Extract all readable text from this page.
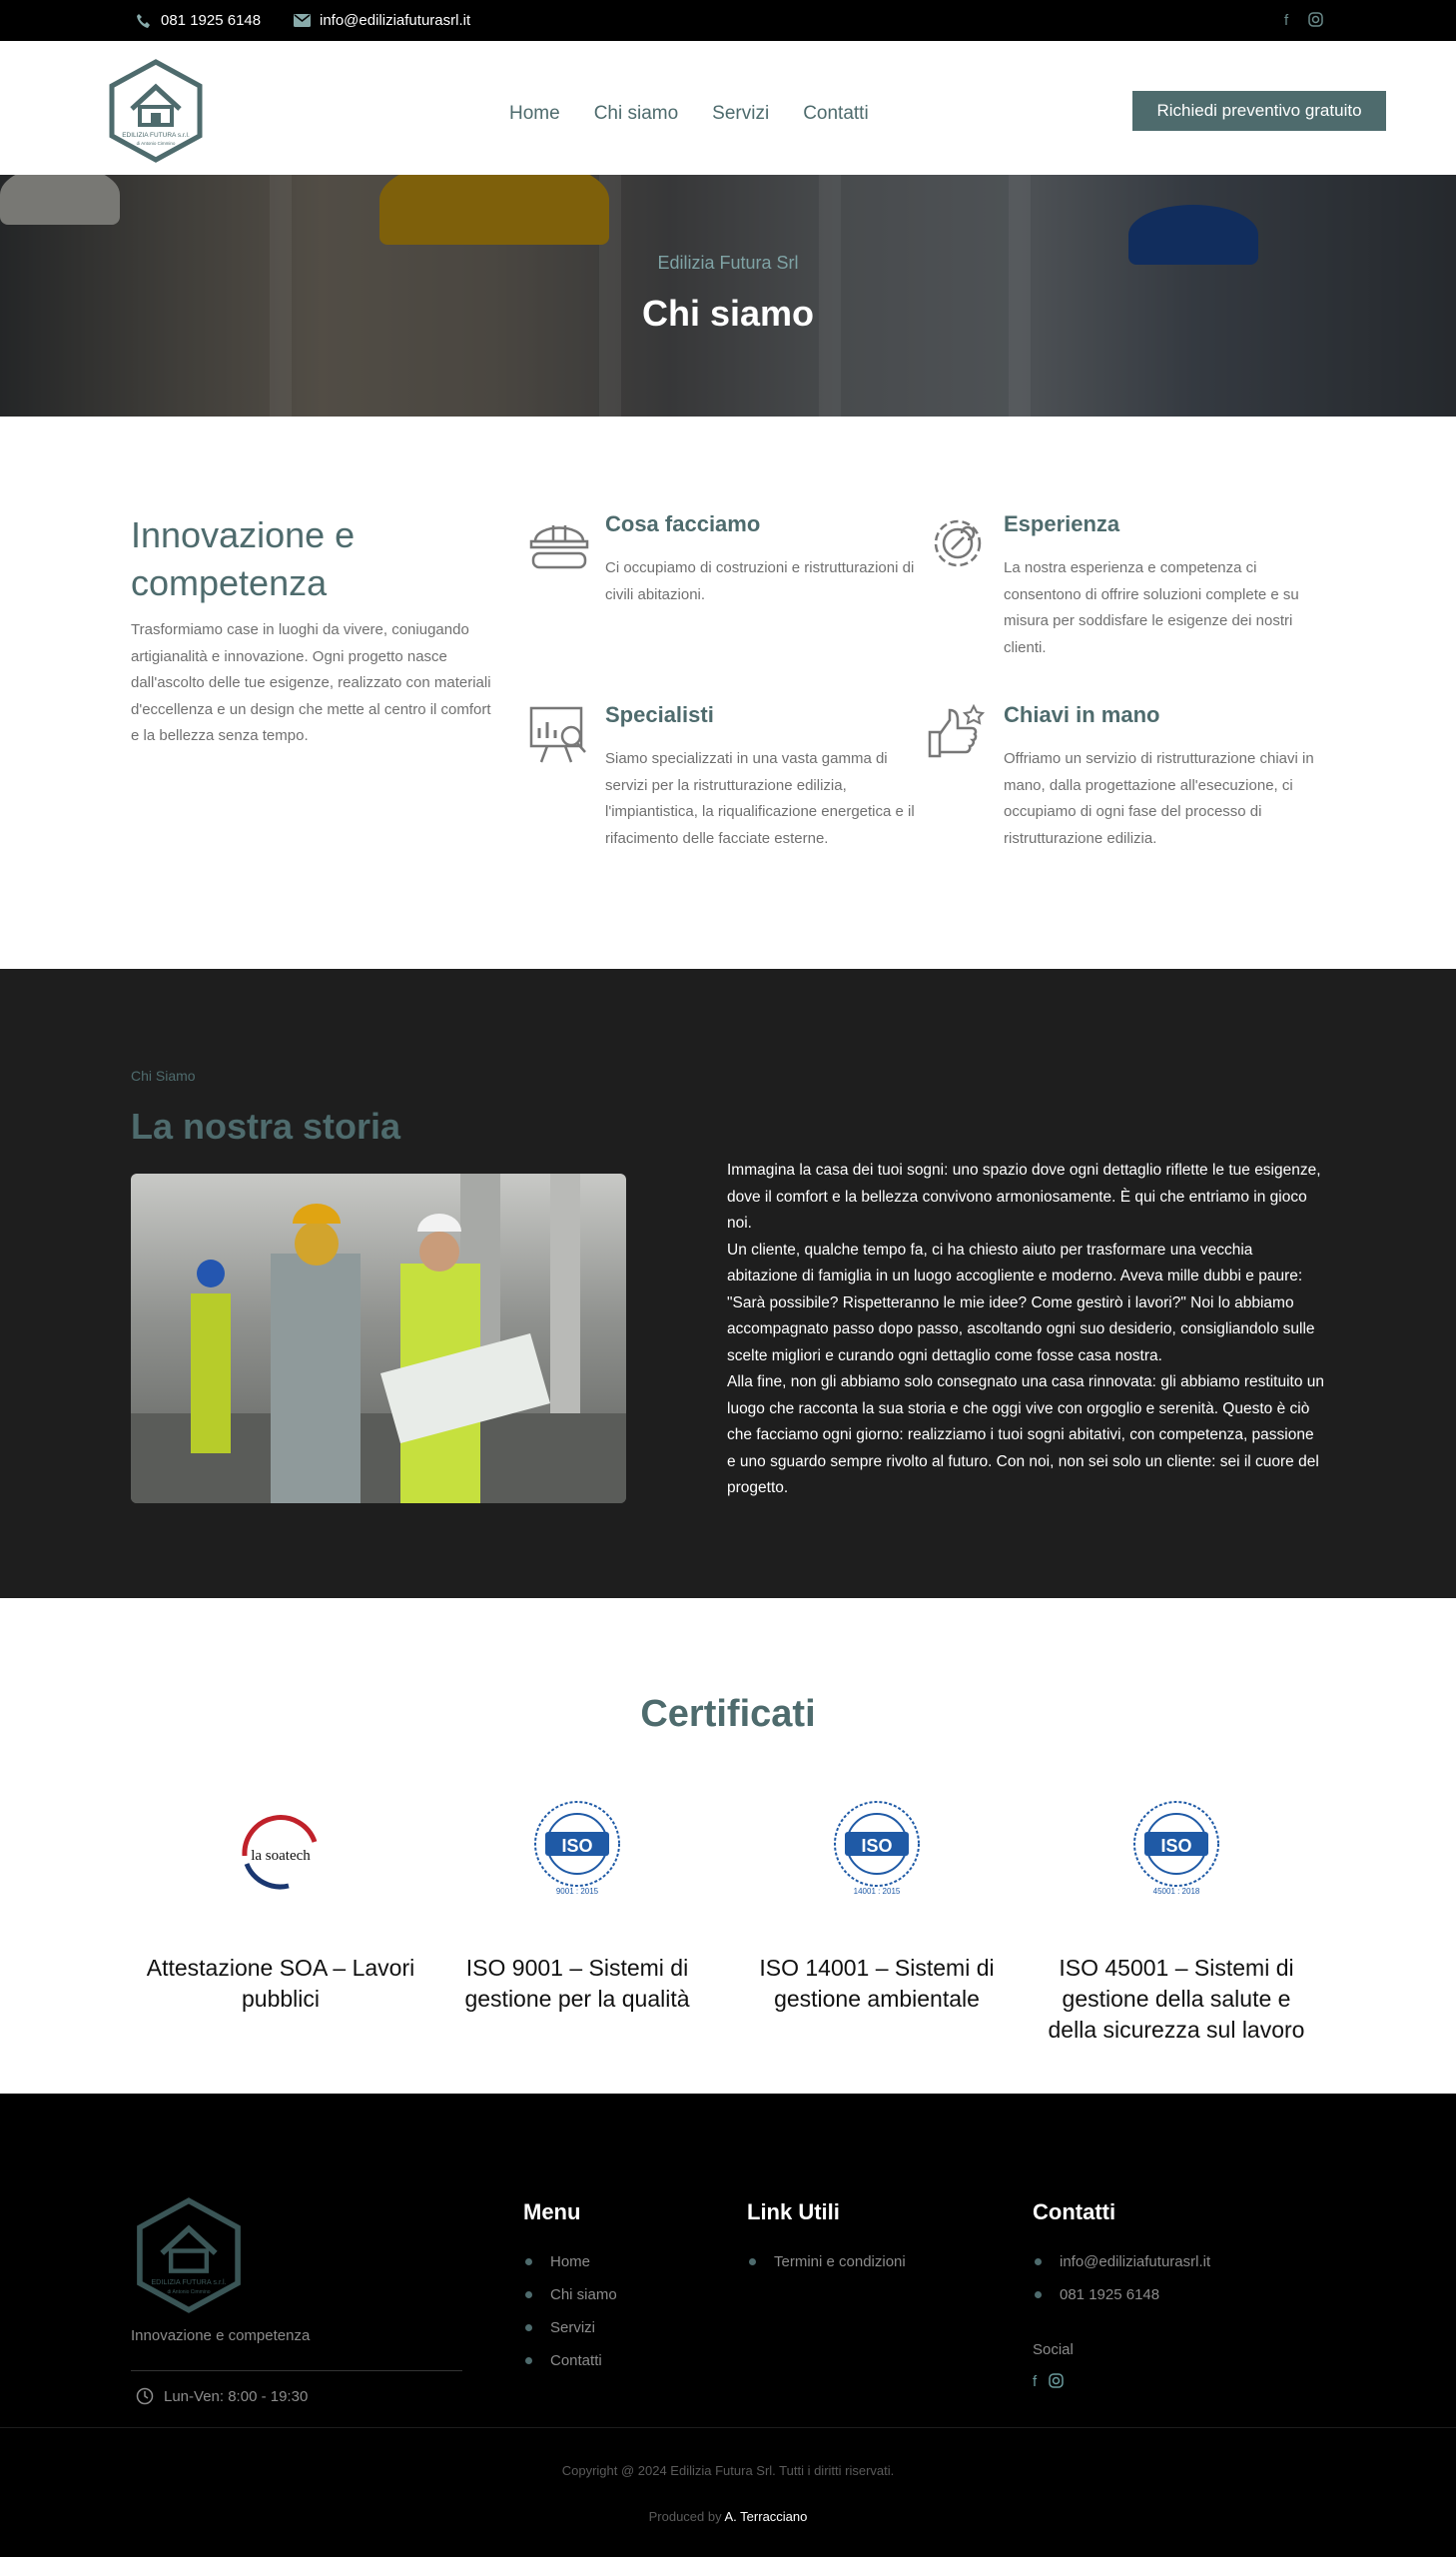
081 1925 6148	info@ediliziafuturasrl.it	f
EDILIZIA FUTURA s.r.l.
di Antonio Cimmino
Home Chi siamo Servizi Contatti	Richiedi preventivo gratuito
Edilizia Futura Srl
Chi siamo
Innovazione e competenza
Trasformiamo case in luoghi da vivere, coniugando artigianalità e innovazione. Ogni progetto nasce dall'ascolto delle tue esigenze, realizzato con materiali d'eccellenza e un design che mette al centro il comfort e la bellezza senza tempo.
Cosa facciamo
Ci occupiamo di costruzioni e ristrutturazioni di civili abitazioni.
Esperienza
La nostra esperienza e competenza ci consentono di offrire soluzioni complete e su misura per soddisfare le esigenze dei nostri clienti.
Specialisti
Siamo specializzati in una vasta gamma di servizi per la ristrutturazione edilizia, l'impiantistica, la riqualificazione energetica e il rifacimento delle facciate esterne.
Chiavi in mano
Offriamo un servizio di ristrutturazione chiavi in mano, dalla progettazione all'esecuzione, ci occupiamo di ogni fase del processo di ristrutturazione edilizia.
Chi Siamo
La nostra storia

Immagina la casa dei tuoi sogni: uno spazio dove ogni dettaglio riflette le tue esigenze, dove il comfort e la bellezza convivono armoniosamente. È qui che entriamo in gioco noi.

Un cliente, qualche tempo fa, ci ha chiesto aiuto per trasformare una vecchia abitazione di famiglia in un luogo accogliente e moderno. Aveva mille dubbi e paure: "Sarà possibile? Rispetteranno le mie idee? Come gestirò i lavori?" Noi lo abbiamo accompagnato passo dopo passo, ascoltando ogni suo desiderio, consigliandolo sulle scelte migliori e curando ogni dettaglio come fosse casa nostra.

Alla fine, non gli abbiamo solo consegnato una casa rinnovata: gli abbiamo restituito un luogo che racconta la sua storia e che oggi vive con orgoglio e serenità. Questo è ciò che facciamo ogni giorno: realizziamo i tuoi sogni abitativi, con competenza, passione e uno sguardo sempre rivolto al futuro. Con noi, non sei solo un cliente: sei il cuore del progetto.

Certificati
la soatech
Attestazione SOA – Lavori pubblici
ISO
9001 : 2015
ISO 9001 – Sistemi di gestione per la qualità
ISO
14001 : 2015
ISO 14001 – Sistemi di gestione ambientale
ISO
45001 : 2018
ISO 45001 – Sistemi di gestione della salute e della sicurezza sul lavoro
EDILIZIA FUTURA s.r.l.
di Antonio Cimmino
Innovazione e competenza
Lun-Ven: 8:00 - 19:30
Menu
Home
Chi siamo
Servizi
Contatti
Link Utili
Termini e condizioni
Contatti
info@ediliziafuturasrl.it
081 1925 6148
Social
f
Copyright @ 2024 Edilizia Futura Srl. Tutti i diritti riservati.
Produced by A. Terracciano
